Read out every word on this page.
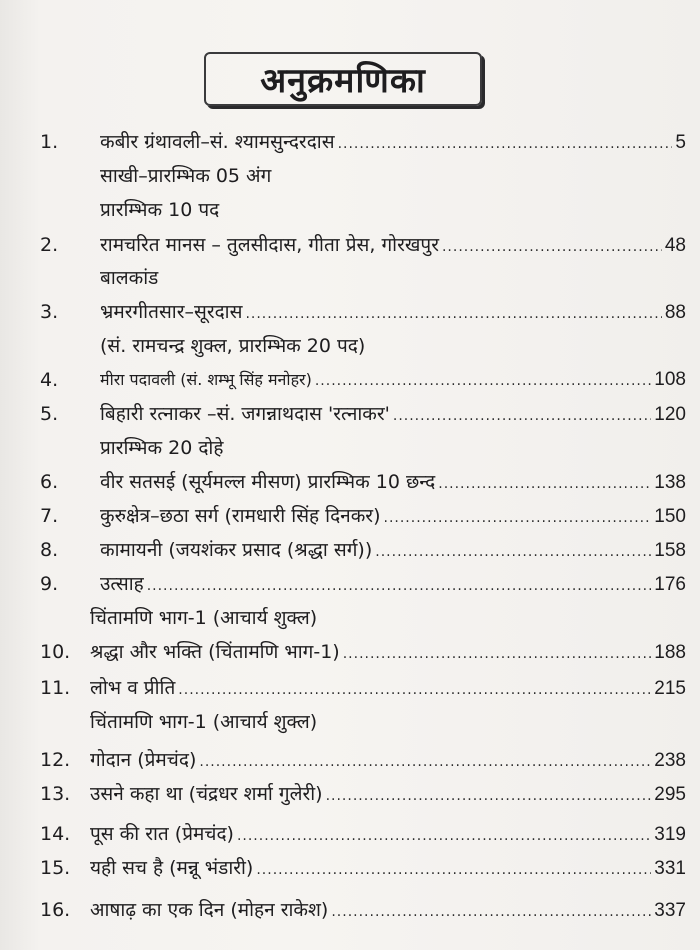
अनुक्रमणिका
1.	कबीर ग्रंथावली–सं. श्यामसुन्दरदास .....	5
साखी–प्रारम्भिक 05 अंग
प्रारम्भिक 10 पद
2.	रामचरित मानस – तुलसीदास, गीता प्रेस, गोरखपुर .....	48
बालकांड
3.	भ्रमरगीतसार–सूरदास .....	88
(सं. रामचन्द्र शुक्ल, प्रारम्भिक 20 पद)
4.	मीरा पदावली (सं. शम्भू सिंह मनोहर) .....	108
5.	बिहारी रत्नाकर –सं. जगन्नाथदास 'रत्नाकर' .....	120
प्रारम्भिक 20 दोहे
6.	वीर सतसई (सूर्यमल्ल मीसण) प्रारम्भिक 10 छन्द .....	138
7.	कुरुक्षेत्र–छठा सर्ग (रामधारी सिंह दिनकर) .....	150
8.	कामायनी (जयशंकर प्रसाद (श्रद्धा सर्ग)) .....	158
9.	उत्साह .....	176
चिंतामणि भाग-1 (आचार्य शुक्ल)
10.	श्रद्धा और भक्ति (चिंतामणि भाग-1) .....	188
11.	लोभ व प्रीति .....	215
चिंतामणि भाग-1 (आचार्य शुक्ल)
12.	गोदान (प्रेमचंद) .....	238
13.	उसने कहा था (चंद्रधर शर्मा गुलेरी) .....	295
14.	पूस की रात (प्रेमचंद) .....	319
15.	यही सच है (मन्नू भंडारी) .....	331
16.	आषाढ़ का एक दिन (मोहन राकेश) .....	337
